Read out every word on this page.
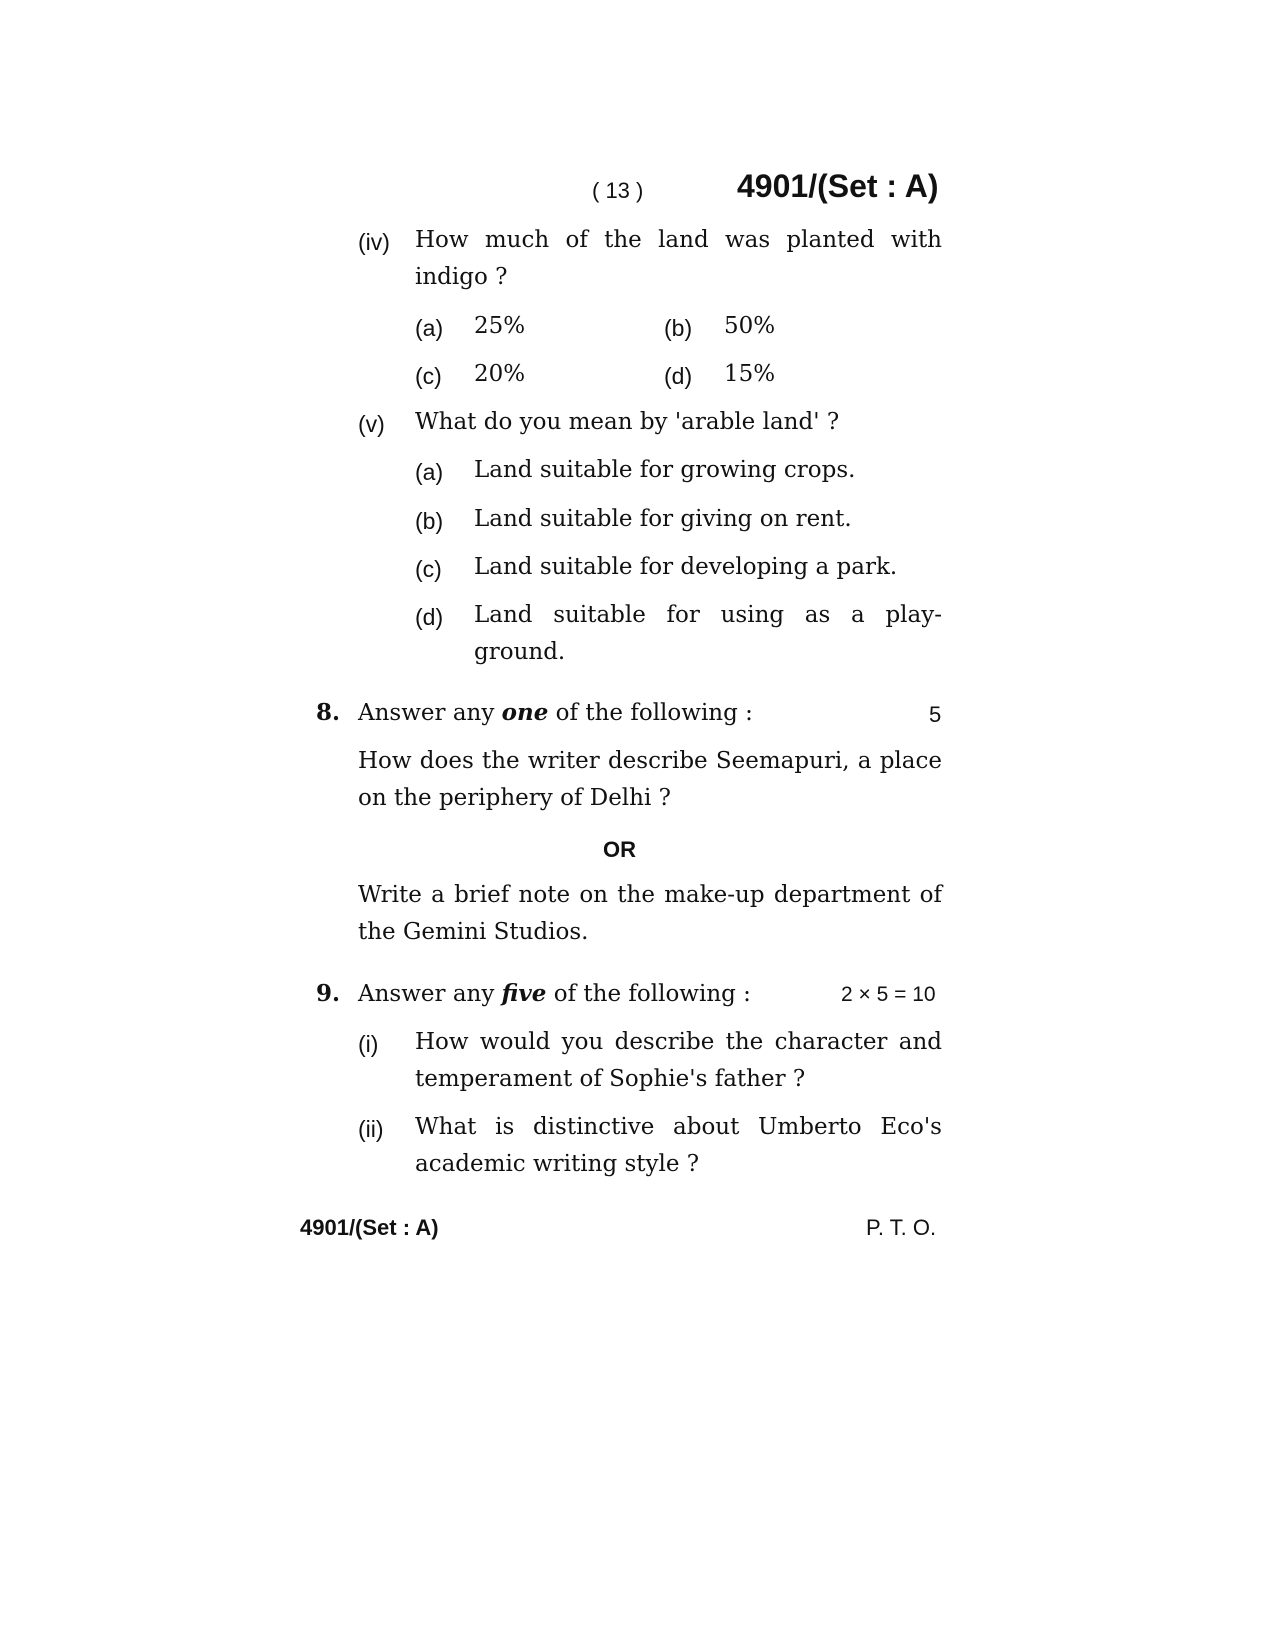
( 13 )	4901/(Set : A)
(iv) How much of the land was planted with
indigo ?
(a) 25%	(b) 50%
(c) 20%	(d) 15%
(v) What do you mean by 'arable land' ?
(a) Land suitable for growing crops.
(b) Land suitable for giving on rent.
(c) Land suitable for developing a park.
(d) Land suitable for using as a play-
ground.
8. Answer any one of the following :	5
How does the writer describe Seemapuri, a place
on the periphery of Delhi ?
OR
Write a brief note on the make-up department of
the Gemini Studios.
9. Answer any five of the following :	2 × 5 = 10
(i) How would you describe the character and
temperament of Sophie's father ?
(ii) What is distinctive about Umberto Eco's
academic writing style ?
4901/(Set : A)	P. T. O.
